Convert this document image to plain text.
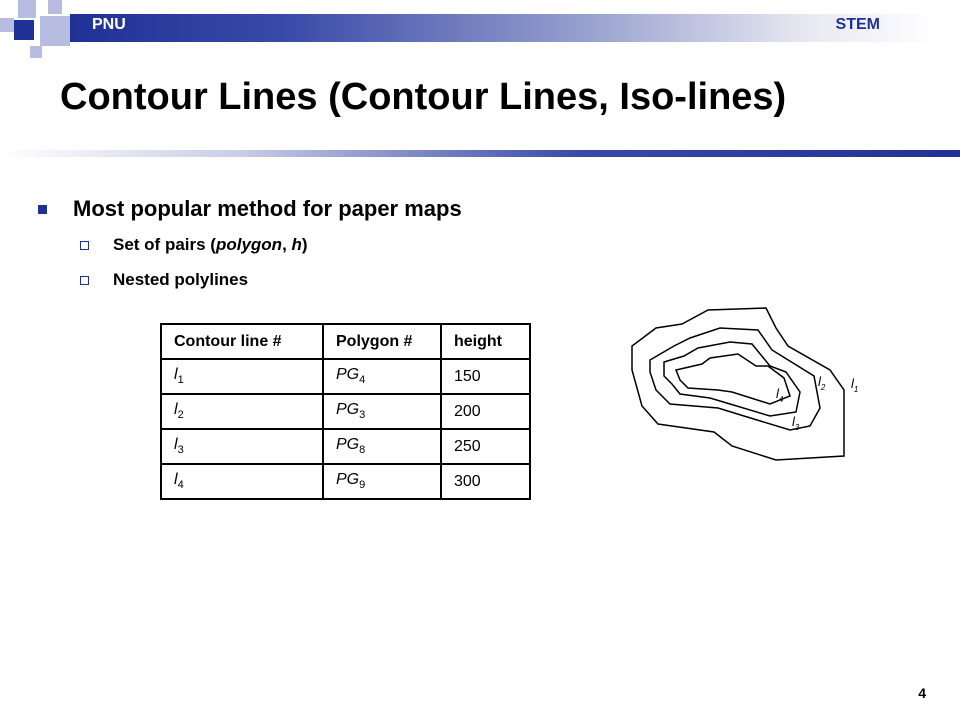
PNU	STEM
Contour Lines (Contour Lines, Iso-lines)
Most popular method for paper maps
Set of pairs (polygon, h)
Nested polylines
Contour line #	Polygon #	height
$l_1$	$PG_4$	150
$l_2$	$PG_3$	200
$l_3$	$PG_8$	250
$l_4$	$PG_9$	300
$l_4$
$l_2$ $l_1$
$l_3$
4
